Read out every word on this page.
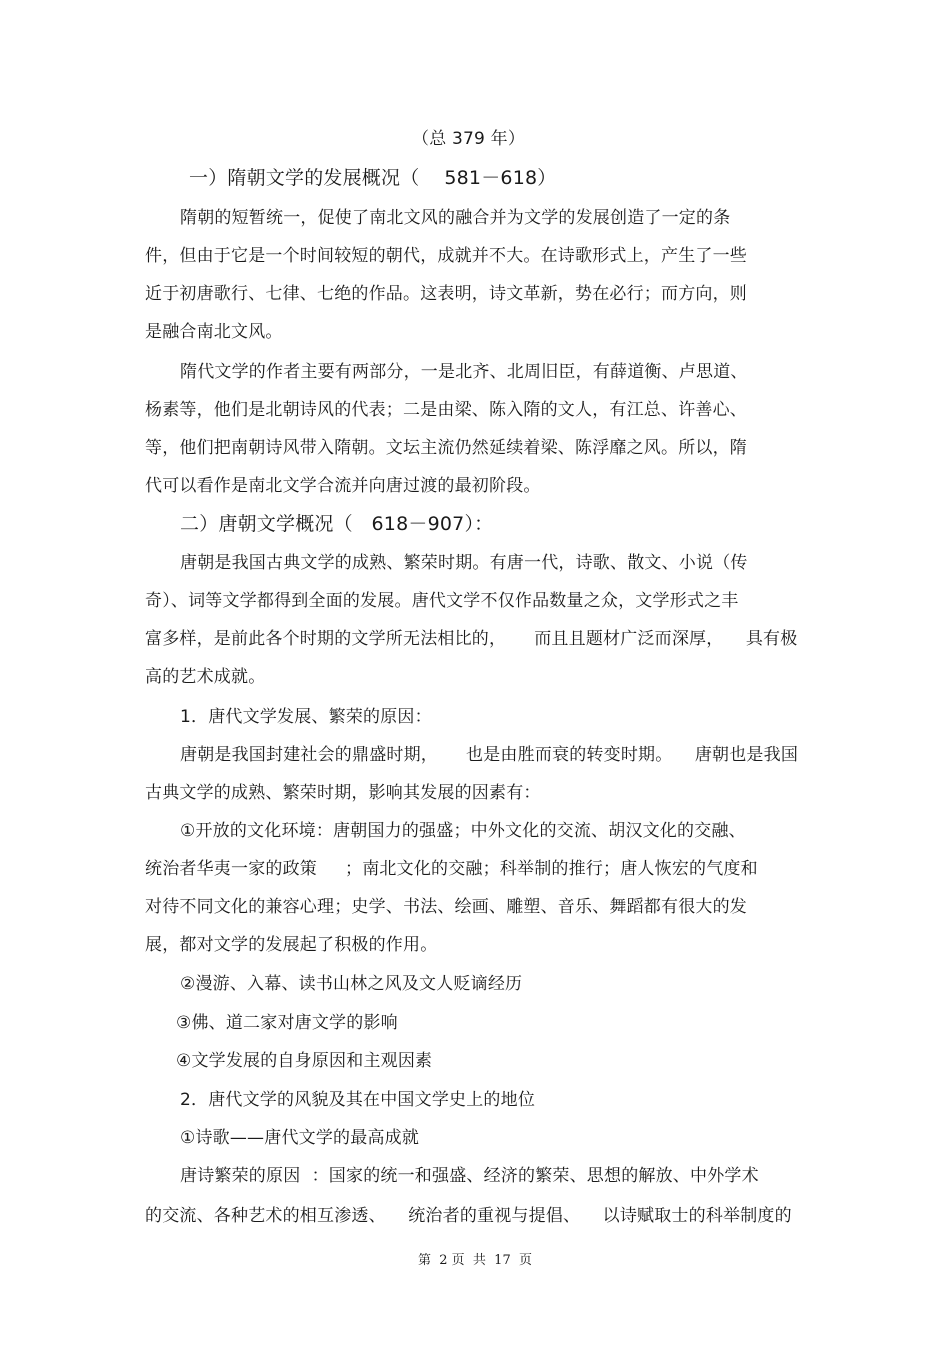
（总 379 年）
一）隋朝文学的发展概况（    581－618）
隋朝的短暂统一，促使了南北文风的融合并为文学的发展创造了一定的条
件，但由于它是一个时间较短的朝代，成就并不大。在诗歌形式上，产生了一些
近于初唐歌行、七律、七绝的作品。这表明，诗文革新，势在必行；而方向，则
是融合南北文风。
隋代文学的作者主要有两部分，一是北齐、北周旧臣，有薛道衡、卢思道、
杨素等，他们是北朝诗风的代表；二是由梁、陈入隋的文人，有江总、许善心、
等，他们把南朝诗风带入隋朝。文坛主流仍然延续着梁、陈浮靡之风。所以，隋
代可以看作是南北文学合流并向唐过渡的最初阶段。
二）唐朝文学概况（   618－907）：
唐朝是我国古典文学的成熟、繁荣时期。有唐一代，诗歌、散文、小说（传
奇）、词等文学都得到全面的发展。唐代文学不仅作品数量之众，文学形式之丰
富多样，是前此各个时期的文学所无法相比的，     而且且题材广泛而深厚，    具有极
高的艺术成就。
1．唐代文学发展、繁荣的原因：
唐朝是我国封建社会的鼎盛时期，     也是由胜而衰的转变时期。    唐朝也是我国
古典文学的成熟、繁荣时期，影响其发展的因素有：
①开放的文化环境：唐朝国力的强盛；中外文化的交流、胡汉文化的交融、
统治者华夷一家的政策     ；南北文化的交融；科举制的推行；唐人恢宏的气度和
对待不同文化的兼容心理；史学、书法、绘画、雕塑、音乐、舞蹈都有很大的发
展，都对文学的发展起了积极的作用。
②漫游、入幕、读书山林之风及文人贬谪经历
③佛、道二家对唐文学的影响
④文学发展的自身原因和主观因素
2．唐代文学的风貌及其在中国文学史上的地位
①诗歌——唐代文学的最高成就
唐诗繁荣的原因  ：国家的统一和强盛、经济的繁荣、思想的解放、中外学术
的交流、各种艺术的相互渗透、    统治者的重视与提倡、    以诗赋取士的科举制度的
第  2 页  共  17  页
